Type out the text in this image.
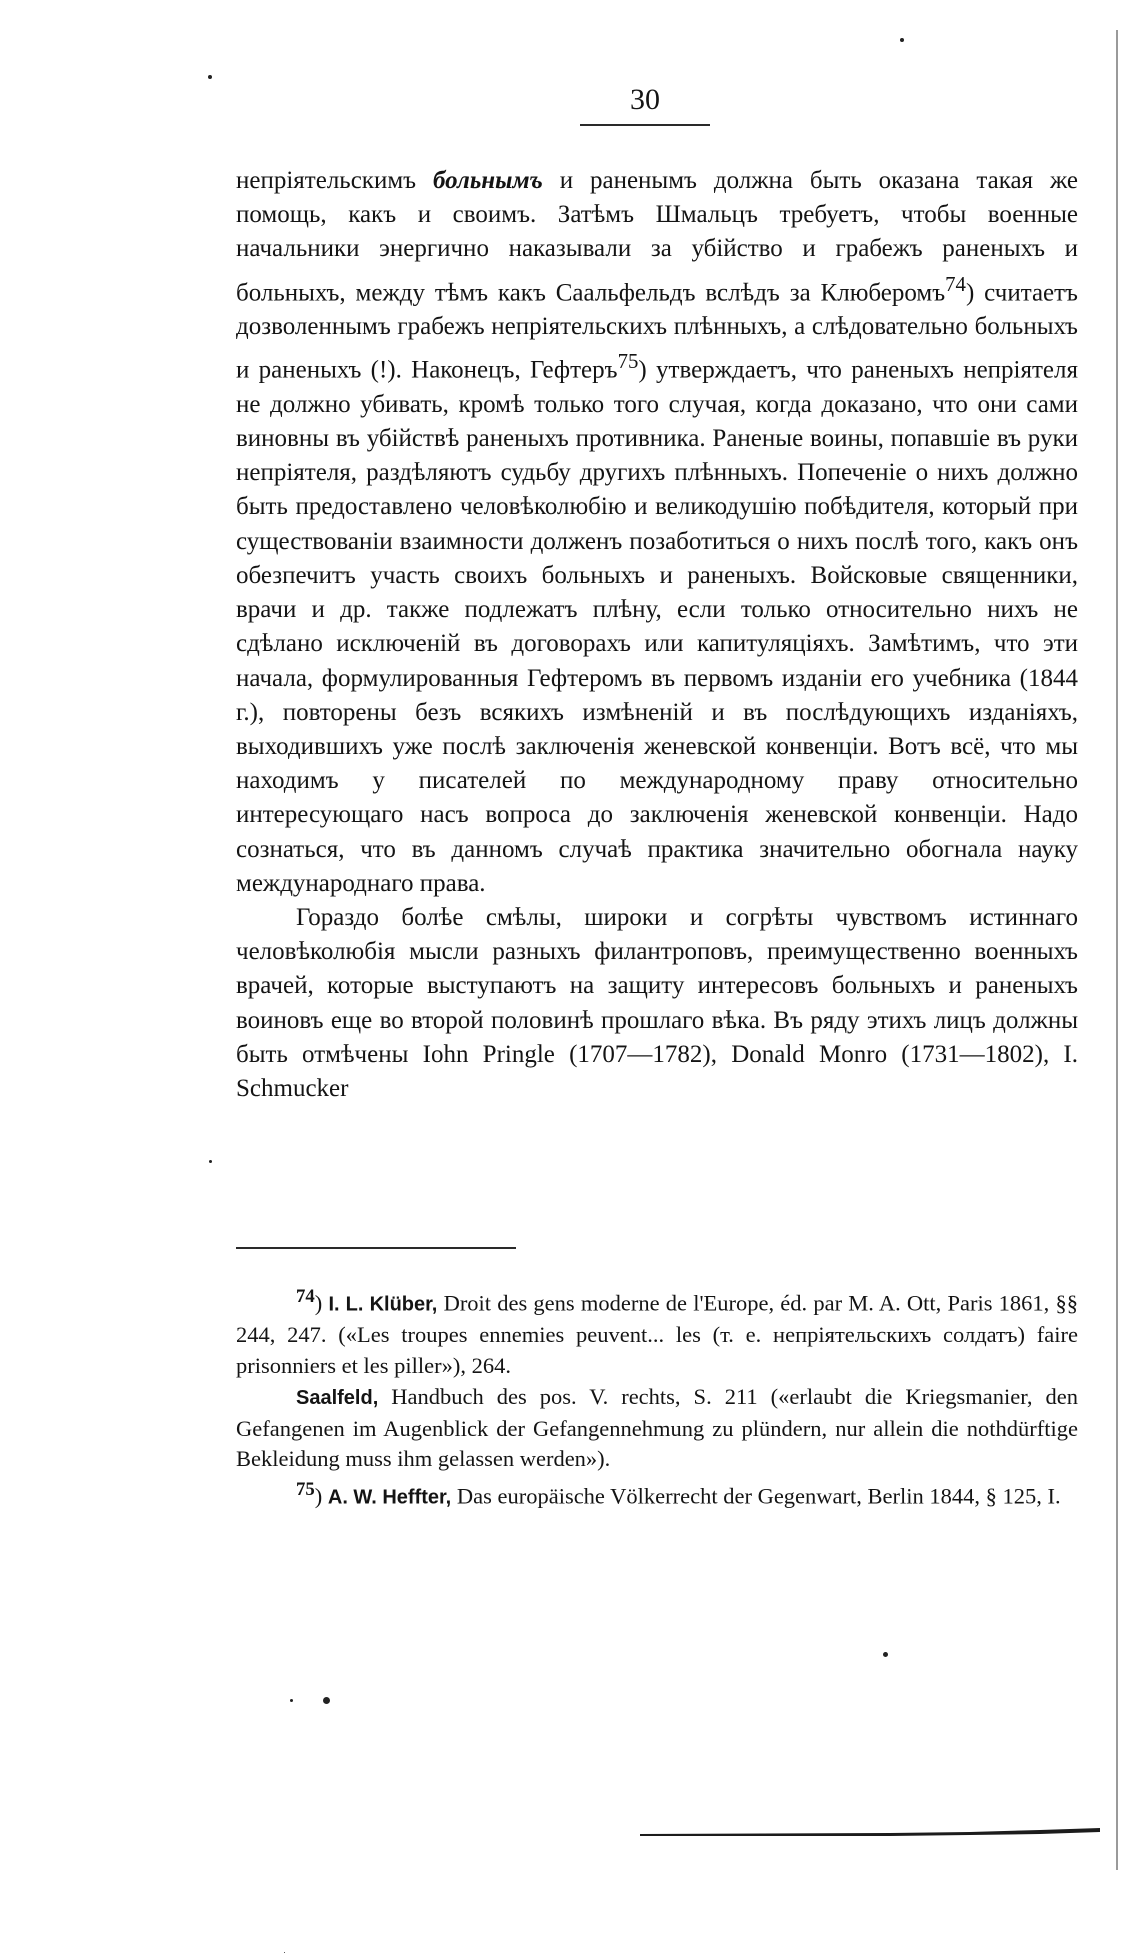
30

непріятельскимъ больнымъ и раненымъ должна быть оказана такая же помощь, какъ и своимъ. Затѣмъ Шмальцъ требуетъ, чтобы военные начальники энергично наказывали за убійство и грабежъ раненыхъ и больныхъ, между тѣмъ какъ Саальфельдъ вслѣдъ за Клюберомъ$^{74}$) считаетъ дозволеннымъ грабежъ непріятельскихъ плѣнныхъ, а слѣдовательно больныхъ и раненыхъ (!). Наконецъ, Гефтеръ$^{75}$) утверждаетъ, что раненыхъ непріятеля не должно убивать, кромѣ только того случая, когда доказано, что они сами виновны въ убійствѣ раненыхъ противника. Раненые воины, попавшіе въ руки непріятеля, раздѣляютъ судьбу другихъ плѣнныхъ. Попеченіе о нихъ должно быть предоставлено человѣколюбію и великодушію побѣдителя, который при существованіи взаимности долженъ позаботиться о нихъ послѣ того, какъ онъ обезпечитъ участь своихъ больныхъ и раненыхъ. Войсковые священники, врачи и др. также подлежатъ плѣну, если только относительно нихъ не сдѣлано исключеній въ договорахъ или капитуляціяхъ. Замѣтимъ, что эти начала, формулированныя Гефтеромъ въ первомъ изданіи его учебника (1844 г.), повторены безъ всякихъ измѣненій и въ послѣдующихъ изданіяхъ, выходившихъ уже послѣ заключенія женевской конвенціи. Вотъ всё, что мы находимъ у писателей по международному праву относительно интересующаго насъ вопроса до заключенія женевской конвенціи. Надо сознаться, что въ данномъ случаѣ практика значительно обогнала науку международнаго права.

Гораздо болѣе смѣлы, широки и согрѣты чувствомъ истиннаго человѣколюбія мысли разныхъ филантроповъ, преимущественно военныхъ врачей, которые выступаютъ на защиту интересовъ больныхъ и раненыхъ воиновъ еще во второй половинѣ прошлаго вѣка. Въ ряду этихъ лицъ должны быть отмѣчены Iohn Pringle (1707—1782), Donald Monro (1731—1802), I. Schmucker

$^{74}$) I. L. Klüber, Droit des gens moderne de l'Europe, éd. par M. A. Ott, Paris 1861, §§ 244, 247. («Les troupes ennemies peuvent... les (т. е. непріятельскихъ солдатъ) faire prisonniers et les piller»), 264.

Saalfeld, Handbuch des pos. V. rechts, S. 211 («erlaubt die Kriegsmanier, den Gefangenen im Augenblick der Gefangennehmung zu plündern, nur allein die nothdürftige Bekleidung muss ihm gelassen werden»).

$^{75}$) A. W. Heffter, Das europäische Völkerrecht der Gegenwart, Berlin 1844, § 125, I.
